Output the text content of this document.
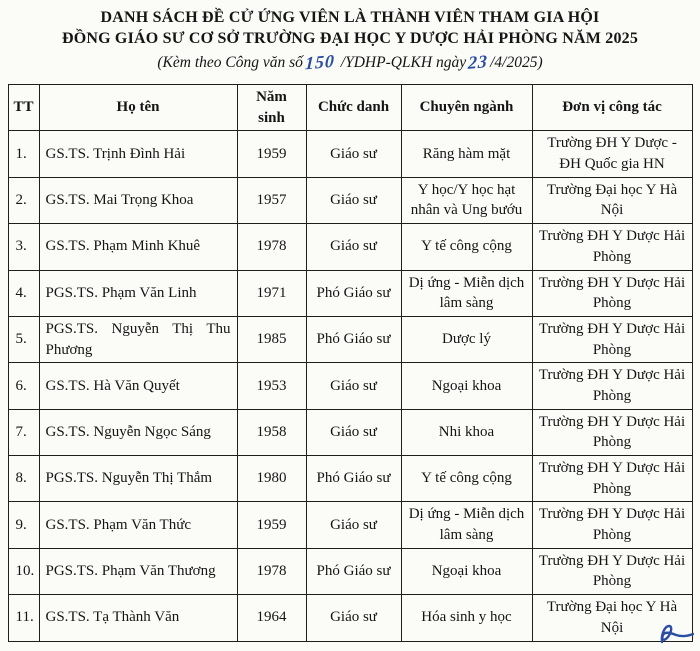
DANH SÁCH ĐỀ CỬ ỨNG VIÊN LÀ THÀNH VIÊN THAM GIA HỘI
ĐỒNG GIÁO SƯ CƠ SỞ TRƯỜNG ĐẠI HỌC Y DƯỢC HẢI PHÒNG NĂM 2025
(Kèm theo Công văn số150 /YDHP-QLKH ngày23/4/2025)
TT	Họ tên	Năm sinh	Chức danh	Chuyên ngành	Đơn vị công tác
1.	GS.TS. Trịnh Đình Hải	1959	Giáo sư	Răng hàm mặt	Trường ĐH Y Dược - ĐH Quốc gia HN
2.	GS.TS. Mai Trọng Khoa	1957	Giáo sư	Y học/Y học hạt nhân và Ung bướu	Trường Đại học Y Hà Nội
3.	GS.TS. Phạm Minh Khuê	1978	Giáo sư	Y tế công cộng	Trường ĐH Y Dược Hải Phòng
4.	PGS.TS. Phạm Văn Linh	1971	Phó Giáo sư	Dị ứng - Miễn dịch lâm sàng	Trường ĐH Y Dược Hải Phòng
5.	PGS.TS. Nguyễn Thị Thu Phương	1985	Phó Giáo sư	Dược lý	Trường ĐH Y Dược Hải Phòng
6.	GS.TS. Hà Văn Quyết	1953	Giáo sư	Ngoại khoa	Trường ĐH Y Dược Hải Phòng
7.	GS.TS. Nguyễn Ngọc Sáng	1958	Giáo sư	Nhi khoa	Trường ĐH Y Dược Hải Phòng
8.	PGS.TS. Nguyễn Thị Thắm	1980	Phó Giáo sư	Y tế công cộng	Trường ĐH Y Dược Hải Phòng
9.	GS.TS. Phạm Văn Thức	1959	Giáo sư	Dị ứng - Miễn dịch lâm sàng	Trường ĐH Y Dược Hải Phòng
10.	PGS.TS. Phạm Văn Thương	1978	Phó Giáo sư	Ngoại khoa	Trường ĐH Y Dược Hải Phòng
11.	GS.TS. Tạ Thành Văn	1964	Giáo sư	Hóa sinh y học	Trường Đại học Y Hà Nội
